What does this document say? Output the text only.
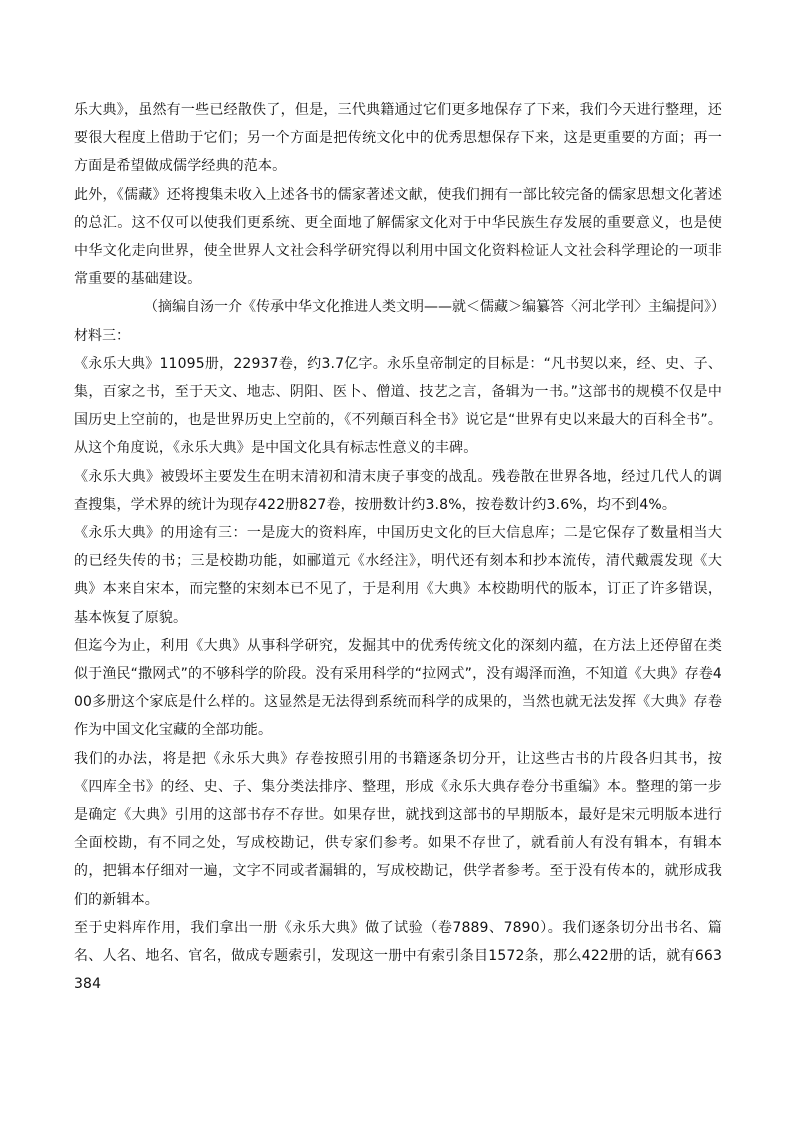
乐大典》，虽然有一些已经散佚了，但是，三代典籍通过它们更多地保存了下来，我们今天进行整理，还要很大程度上借助于它们；另一个方面是把传统文化中的优秀思想保存下来，这是更重要的方面；再一方面是希望做成儒学经典的范本。

此外，《儒藏》还将搜集未收入上述各书的儒家著述文献，使我们拥有一部比较完备的儒家思想文化著述的总汇。这不仅可以使我们更系统、更全面地了解儒家文化对于中华民族生存发展的重要意义，也是使中华文化走向世界，使全世界人文社会科学研究得以利用中国文化资料检证人文社会科学理论的一项非常重要的基础建设。

（摘编自汤一介《传承中华文化推进人类文明——就＜儒藏＞编纂答〈河北学刊〉主编提问》）

材料三：

《永乐大典》11095册，22937卷，约3.7亿字。永乐皇帝制定的目标是：“凡书契以来，经、史、子、集，百家之书，至于天文、地志、阴阳、医卜、僧道、技艺之言，备辑为一书。”这部书的规模不仅是中国历史上空前的，也是世界历史上空前的，《不列颠百科全书》说它是“世界有史以来最大的百科全书”。从这个角度说，《永乐大典》是中国文化具有标志性意义的丰碑。

《永乐大典》被毁坏主要发生在明末清初和清末庚子事变的战乱。残卷散在世界各地，经过几代人的调查搜集，学术界的统计为现存422册827卷，按册数计约3.8%，按卷数计约3.6%，均不到4%。

《永乐大典》的用途有三：一是庞大的资料库，中国历史文化的巨大信息库；二是它保存了数量相当大的已经失传的书；三是校勘功能，如郦道元《水经注》，明代还有刻本和抄本流传，清代戴震发现《大典》本来自宋本，而完整的宋刻本已不见了，于是利用《大典》本校勘明代的版本，订正了许多错误，基本恢复了原貌。

但迄今为止，利用《大典》从事科学研究，发掘其中的优秀传统文化的深刻内蕴，在方法上还停留在类似于渔民“撒网式”的不够科学的阶段。没有采用科学的“拉网式”，没有竭泽而渔，不知道《大典》存卷400多册这个家底是什么样的。这显然是无法得到系统而科学的成果的，当然也就无法发挥《大典》存卷作为中国文化宝藏的全部功能。

我们的办法，将是把《永乐大典》存卷按照引用的书籍逐条切分开，让这些古书的片段各归其书，按《四库全书》的经、史、子、集分类法排序、整理，形成《永乐大典存卷分书重编》本。整理的第一步是确定《大典》引用的这部书存不存世。如果存世，就找到这部书的早期版本，最好是宋元明版本进行全面校勘，有不同之处，写成校勘记，供专家们参考。如果不存世了，就看前人有没有辑本，有辑本的，把辑本仔细对一遍，文字不同或者漏辑的，写成校勘记，供学者参考。至于没有传本的，就形成我们的新辑本。

至于史料库作用，我们拿出一册《永乐大典》做了试验（卷7889、7890）。我们逐条切分出书名、篇名、人名、地名、官名，做成专题索引，发现这一册中有索引条目1572条，那么422册的话，就有663384
